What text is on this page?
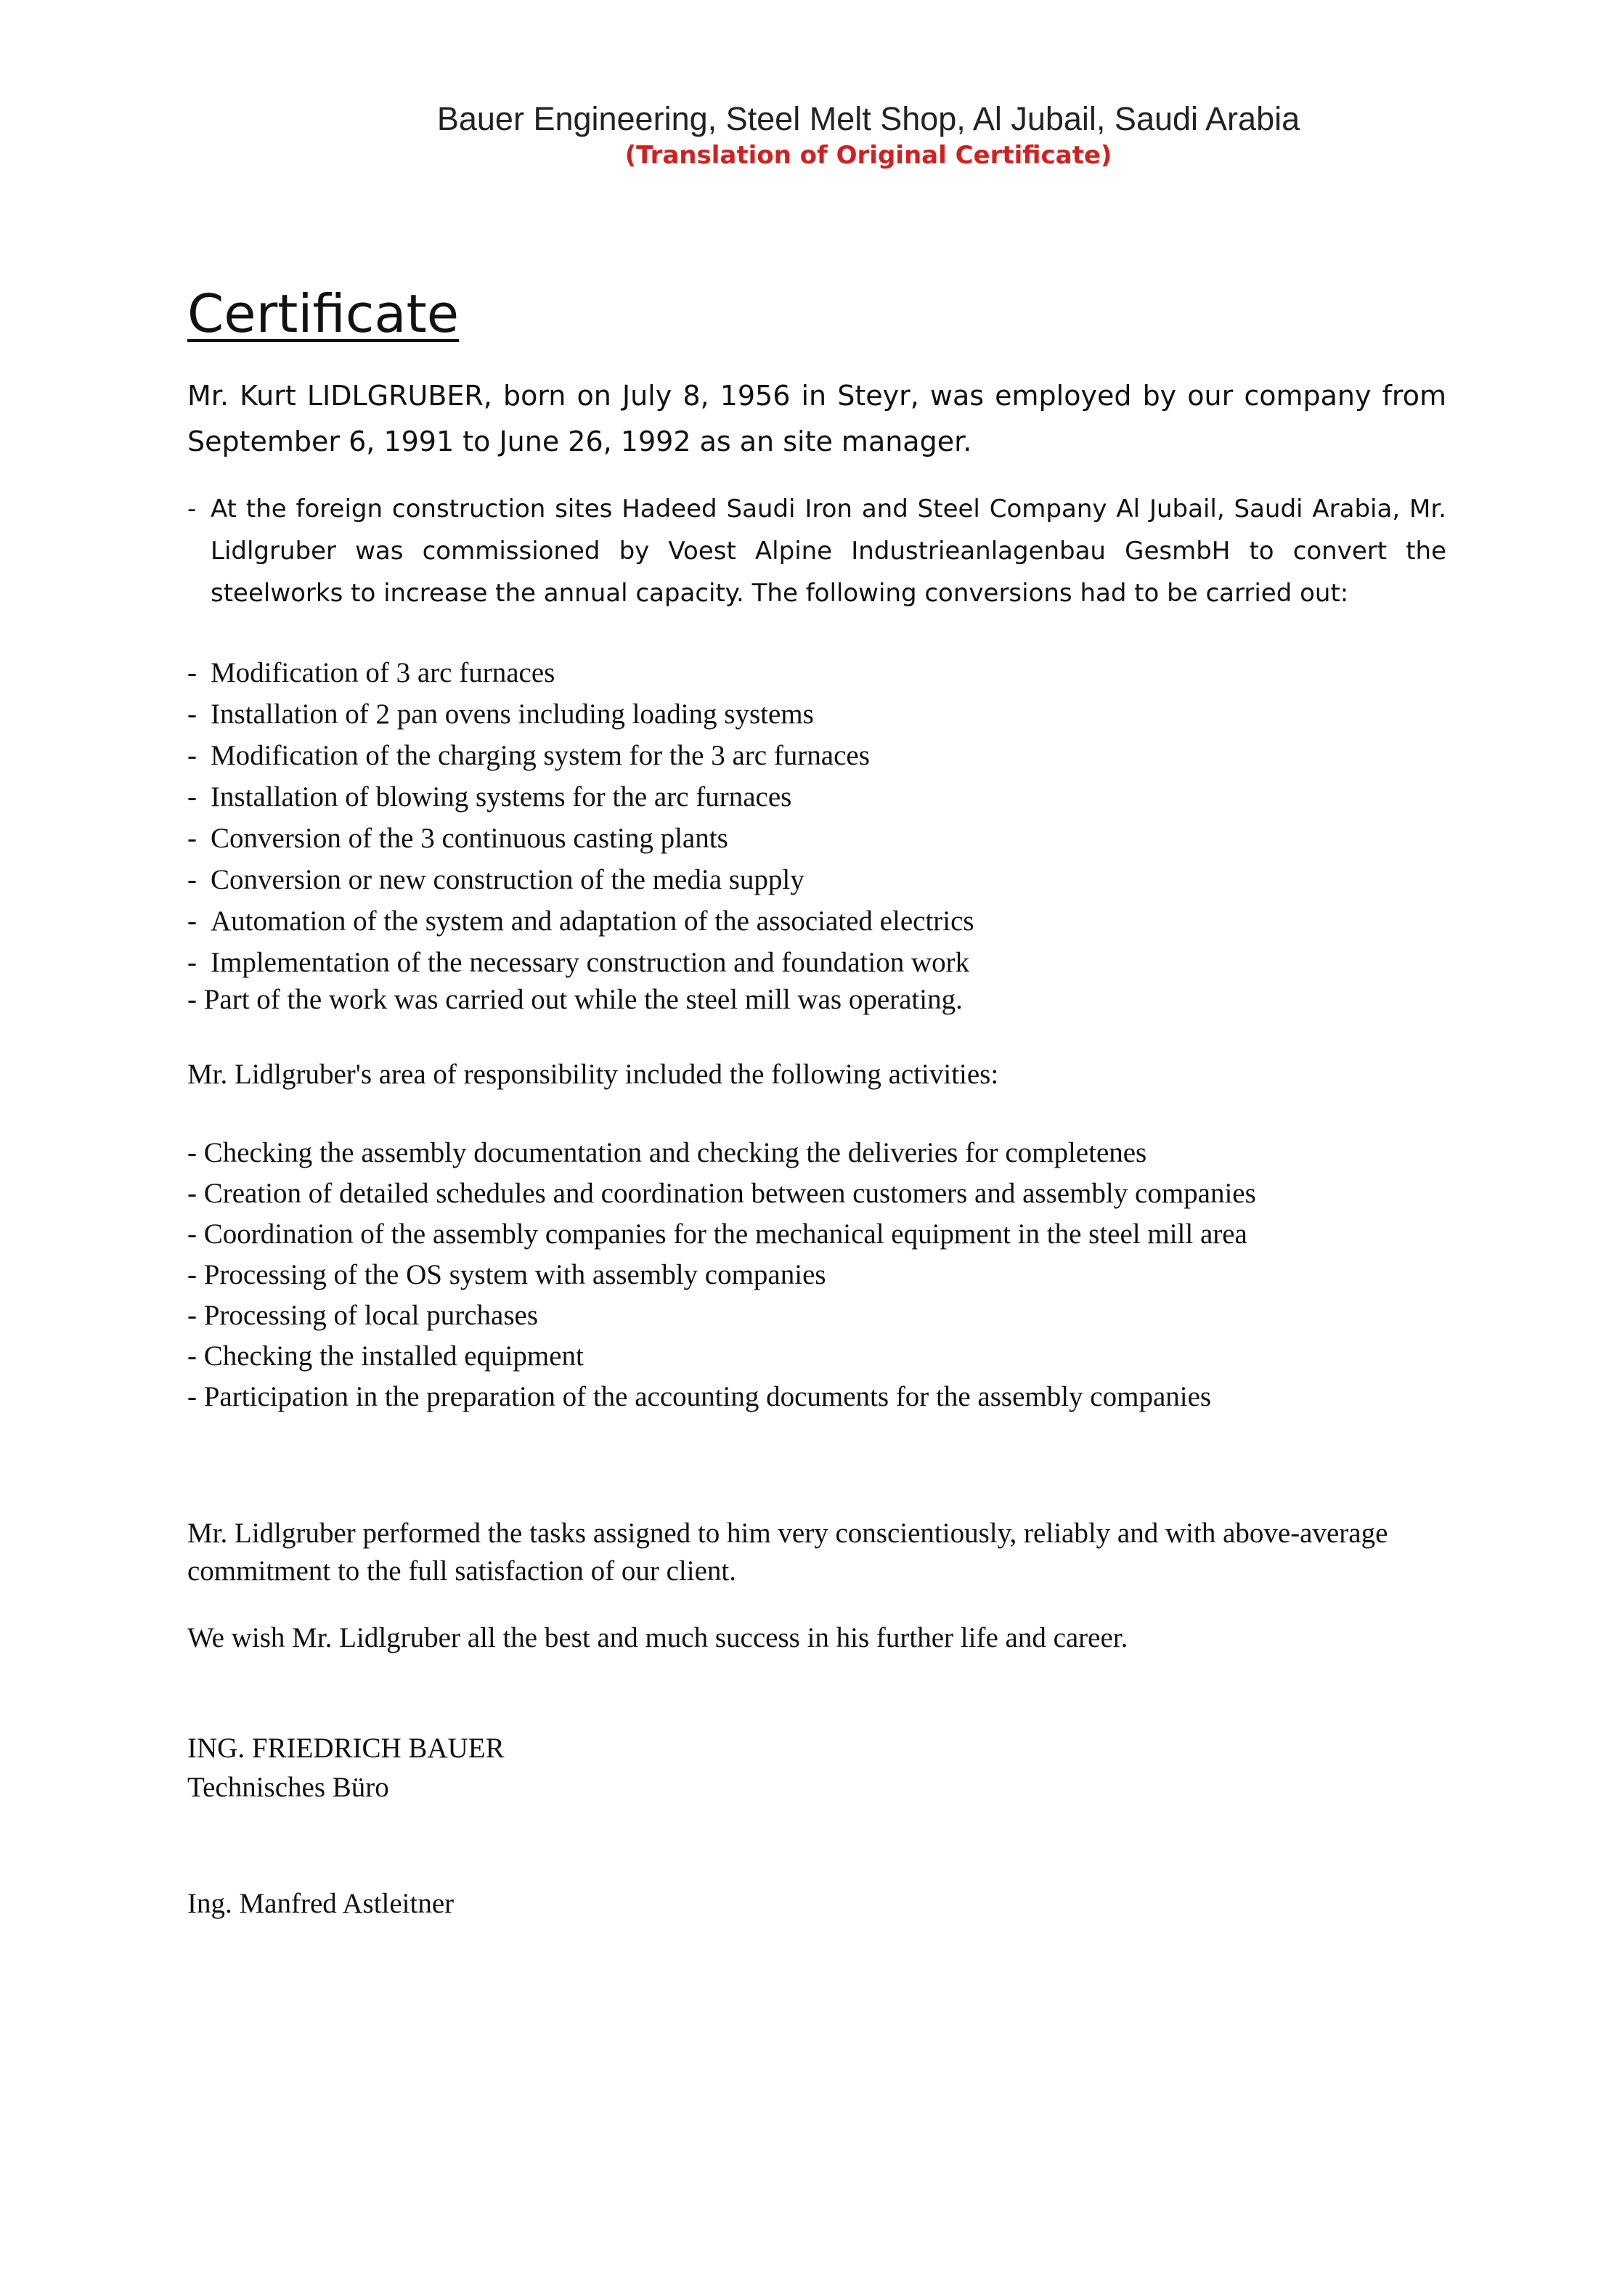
Bauer Engineering, Steel Melt Shop, Al Jubail, Saudi Arabia
(Translation of Original Certificate)
Certificate

Mr. Kurt LIDLGRUBER, born on July 8, 1956 in Steyr, was employed by our company from September 6, 1991 to June 26, 1992 as an site manager.

- At the foreign construction sites Hadeed Saudi Iron and Steel Company Al Jubail, Saudi Arabia, Mr. Lidlgruber was commissioned by Voest Alpine Industrieanlagenbau GesmbH to convert the steelworks to increase the annual capacity. The following conversions had to be carried out:
- Modification of 3 arc furnaces
- Installation of 2 pan ovens including loading systems
- Modification of the charging system for the 3 arc furnaces
- Installation of blowing systems for the arc furnaces
- Conversion of the 3 continuous casting plants
- Conversion or new construction of the media supply
- Automation of the system and adaptation of the associated electrics
- Implementation of the necessary construction and foundation work

- Part of the work was carried out while the steel mill was operating.

Mr. Lidlgruber's area of responsibility included the following activities:

- Checking the assembly documentation and checking the deliveries for completenes
- Creation of detailed schedules and coordination between customers and assembly companies
- Coordination of the assembly companies for the mechanical equipment in the steel mill area
- Processing of the OS system with assembly companies
- Processing of local purchases
- Checking the installed equipment
- Participation in the preparation of the accounting documents for the assembly companies

Mr. Lidlgruber performed the tasks assigned to him very conscientiously, reliably and with above-average commitment to the full satisfaction of our client.

We wish Mr. Lidlgruber all the best and much success in his further life and career.

ING. FRIEDRICH BAUER

Technisches Büro

Ing. Manfred Astleitner
